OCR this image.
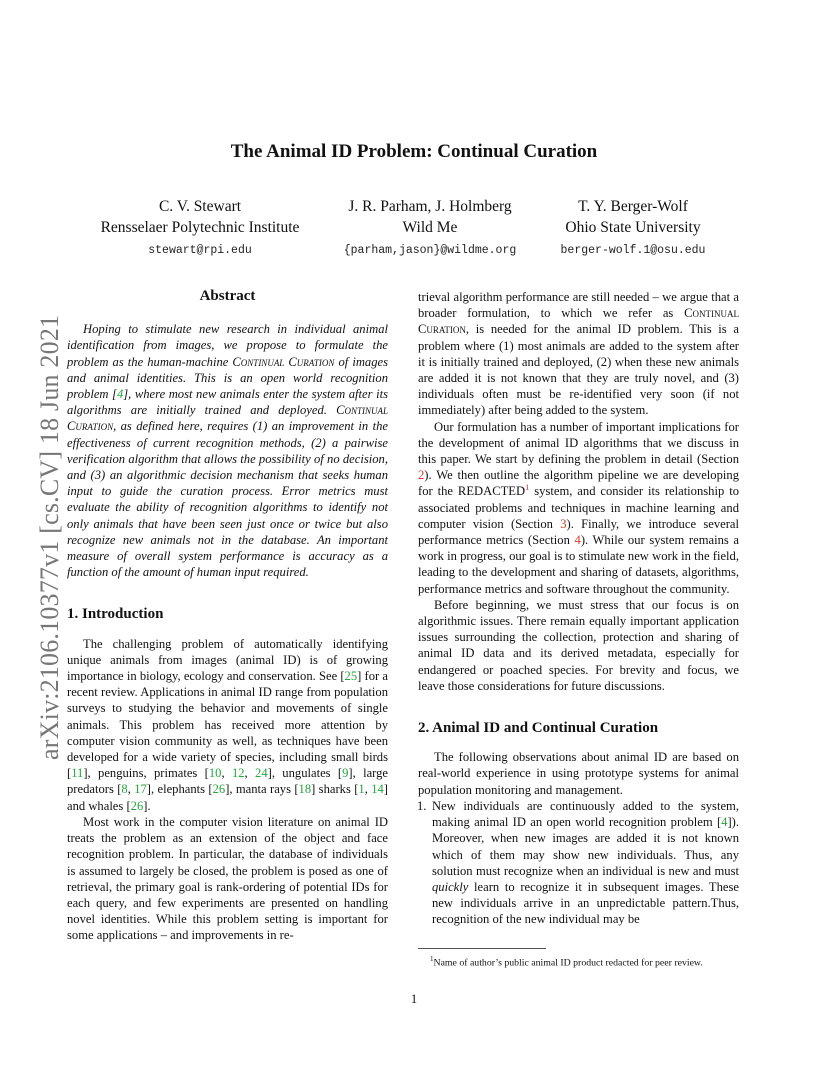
arXiv:2106.10377v1 [cs.CV] 18 Jun 2021
The Animal ID Problem: Continual Curation
C. V. Stewart
Rensselaer Polytechnic Institute
stewart@rpi.edu
J. R. Parham, J. Holmberg
Wild Me
{parham,jason}@wildme.org
T. Y. Berger-Wolf
Ohio State University
berger-wolf.1@osu.edu
Abstract

Hoping to stimulate new research in individual animal identification from images, we propose to formulate the problem as the human-machine Continual Curation of images and animal identities. This is an open world recognition problem [4], where most new animals enter the system after its algorithms are initially trained and deployed. Continual Curation, as defined here, requires (1) an improvement in the effectiveness of current recognition methods, (2) a pairwise verification algorithm that allows the possibility of no decision, and (3) an algorithmic decision mechanism that seeks human input to guide the curation process. Error metrics must evaluate the ability of recognition algorithms to identify not only animals that have been seen just once or twice but also recognize new animals not in the database. An important measure of overall system performance is accuracy as a function of the amount of human input required.

1. Introduction

The challenging problem of automatically identifying unique animals from images (animal ID) is of growing importance in biology, ecology and conservation. See [25] for a recent review. Applications in animal ID range from population surveys to studying the behavior and movements of single animals. This problem has received more attention by computer vision community as well, as techniques have been developed for a wide variety of species, including small birds [11], penguins, primates [10, 12, 24], ungulates [9], large predators [8, 17], elephants [26], manta rays [18] sharks [1, 14] and whales [26].

Most work in the computer vision literature on animal ID treats the problem as an extension of the object and face recognition problem. In particular, the database of individuals is assumed to largely be closed, the problem is posed as one of retrieval, the primary goal is rank-ordering of potential IDs for each query, and few experiments are presented on handling novel identities. While this problem setting is important for some applications – and improvements in re-

trieval algorithm performance are still needed – we argue that a broader formulation, to which we refer as Continual Curation, is needed for the animal ID problem. This is a problem where (1) most animals are added to the system after it is initially trained and deployed, (2) when these new animals are added it is not known that they are truly novel, and (3) individuals often must be re-identified very soon (if not immediately) after being added to the system.

Our formulation has a number of important implications for the development of animal ID algorithms that we discuss in this paper. We start by defining the problem in detail (Section 2). We then outline the algorithm pipeline we are developing for the REDACTED$^1$ system, and consider its relationship to associated problems and techniques in machine learning and computer vision (Section 3). Finally, we introduce several performance metrics (Section 4). While our system remains a work in progress, our goal is to stimulate new work in the field, leading to the development and sharing of datasets, algorithms, performance metrics and software throughout the community.

Before beginning, we must stress that our focus is on algorithmic issues. There remain equally important application issues surrounding the collection, protection and sharing of animal ID data and its derived metadata, especially for endangered or poached species. For brevity and focus, we leave those considerations for future discussions.

2. Animal ID and Continual Curation

The following observations about animal ID are based on real-world experience in using prototype systems for animal population monitoring and management.

1. New individuals are continuously added to the system, making animal ID an open world recognition problem [4]). Moreover, when new images are added it is not known which of them may show new individuals. Thus, any solution must recognize when an individual is new and must quickly learn to recognize it in subsequent images. These new individuals arrive in an unpredictable pattern.Thus, recognition of the new individual may be
$^1$Name of author’s public animal ID product redacted for peer review.
1
